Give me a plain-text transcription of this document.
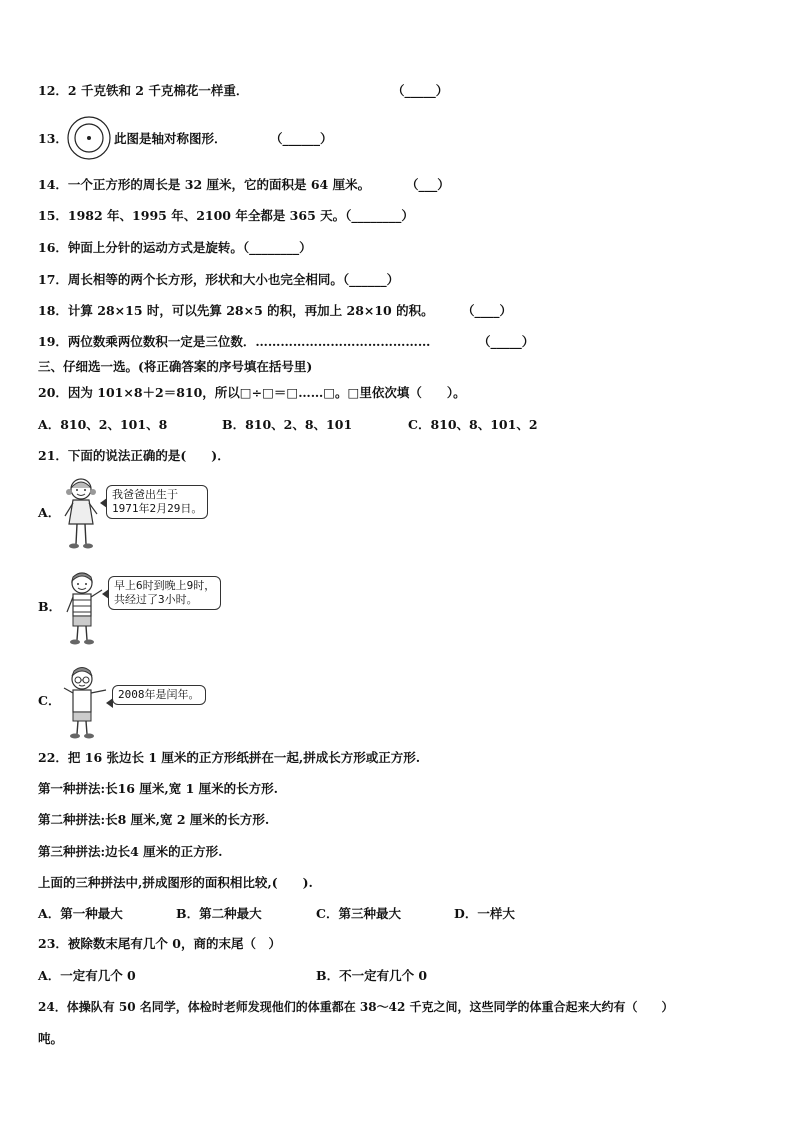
12．2 千克铁和 2 千克棉花一样重．	（_____）
13．	此图是轴对称图形．	（______）
14．一个正方形的周长是 32 厘米，它的面积是 64 厘米。	（___）
15．1982 年、1995 年、2100 年全都是 365 天。（________）
16．钟面上分针的运动方式是旋转。（________）
17．周长相等的两个长方形，形状和大小也完全相同。（______）
18．计算 28×15 时，可以先算 28×5 的积，再加上 28×10 的积。 （____）
19．两位数乘两位数积一定是三位数．……………………………………	（_____）
三、仔细选一选。(将正确答案的序号填在括号里)
20．因为 101×8＋2＝810，所以□÷□＝□……□。□里依次填（　　）。
A．810、2、101、8	B．810、2、8、101	C．810、8、101、2
21．下面的说法正确的是(　　)．
A．
我爸爸出生于
1971年2月29日。
B．
早上6时到晚上9时，
共经过了3小时。
C．	2008年是闰年。
22．把 16 张边长 1 厘米的正方形纸拼在一起,拼成长方形或正方形.
第一种拼法:长16 厘米,宽 1 厘米的长方形.
第二种拼法:长8 厘米,宽 2 厘米的长方形.
第三种拼法:边长4 厘米的正方形.
上面的三种拼法中,拼成图形的面积相比较,(　　).
A．第一种最大	B．第二种最大	C．第三种最大	D．一样大
23．被除数末尾有几个 0，商的末尾（　）
A．一定有几个 0	B．不一定有几个 0
24．体操队有 50 名同学，体检时老师发现他们的体重都在 38～42 千克之间，这些同学的体重合起来大约有（　　）
吨。
